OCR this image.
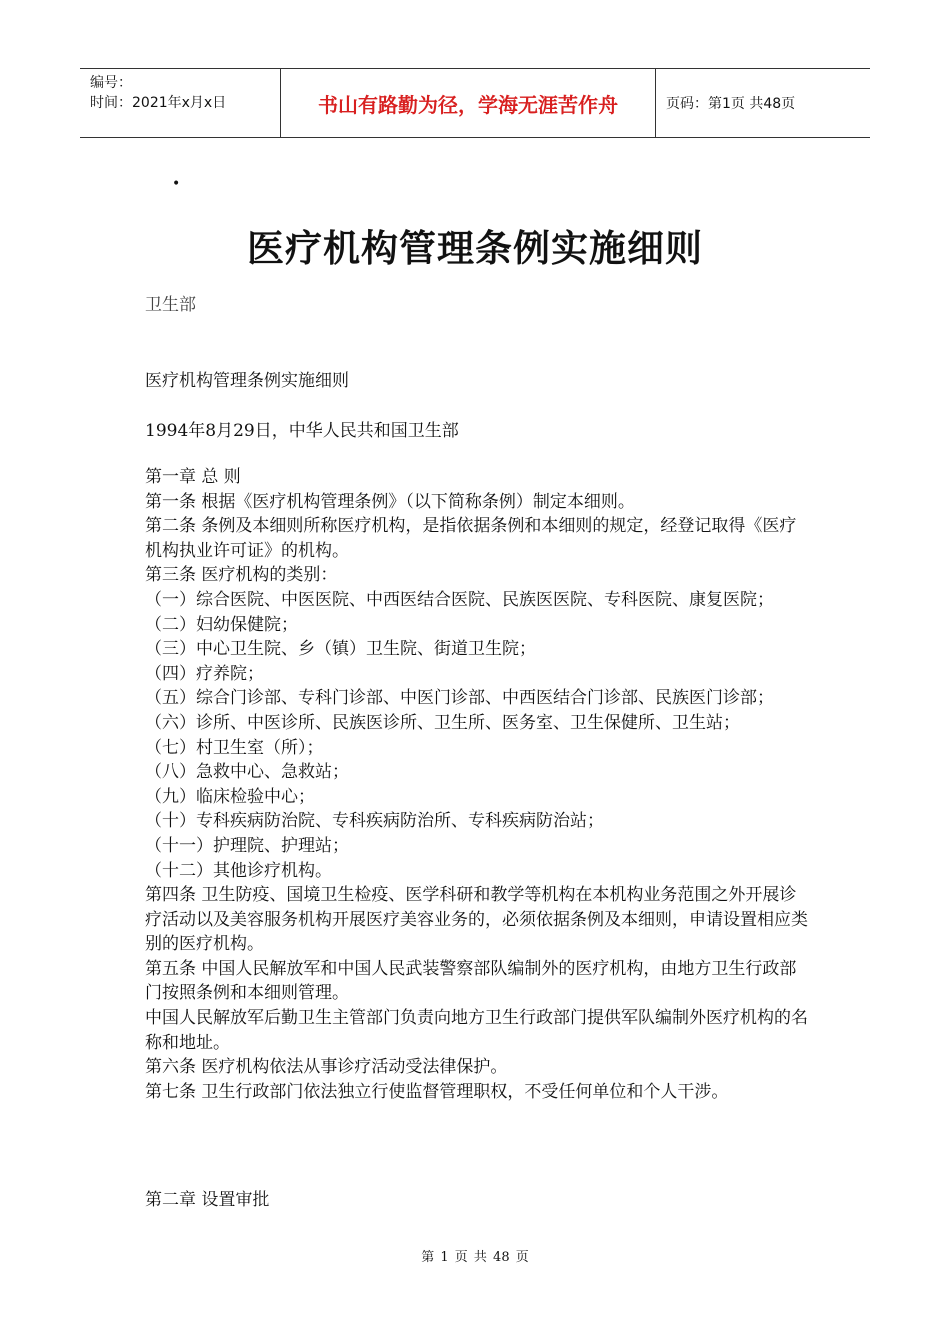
编号：
时间：2021年x月x日	书山有路勤为径，学海无涯苦作舟	页码：第1页 共48页
•
医疗机构管理条例实施细则
卫生部
医疗机构管理条例实施细则
1994年8月29日，中华人民共和国卫生部

第一章 总 则

第一条 根据《医疗机构管理条例》（以下简称条例）制定本细则。

第二条 条例及本细则所称医疗机构，是指依据条例和本细则的规定，经登记取得《医疗机构执业许可证》的机构。

第三条 医疗机构的类别：

（一）综合医院、中医医院、中西医结合医院、民族医医院、专科医院、康复医院；

（二）妇幼保健院；

（三）中心卫生院、乡（镇）卫生院、街道卫生院；

（四）疗养院；

（五）综合门诊部、专科门诊部、中医门诊部、中西医结合门诊部、民族医门诊部；

（六）诊所、中医诊所、民族医诊所、卫生所、医务室、卫生保健所、卫生站；

（七）村卫生室（所）；

（八）急救中心、急救站；

（九）临床检验中心；

（十）专科疾病防治院、专科疾病防治所、专科疾病防治站；

（十一）护理院、护理站；

（十二）其他诊疗机构。

第四条 卫生防疫、国境卫生检疫、医学科研和教学等机构在本机构业务范围之外开展诊疗活动以及美容服务机构开展医疗美容业务的，必须依据条例及本细则，申请设置相应类别的医疗机构。

第五条 中国人民解放军和中国人民武装警察部队编制外的医疗机构，由地方卫生行政部门按照条例和本细则管理。

中国人民解放军后勤卫生主管部门负责向地方卫生行政部门提供军队编制外医疗机构的名称和地址。

第六条 医疗机构依法从事诊疗活动受法律保护。

第七条 卫生行政部门依法独立行使监督管理职权，不受任何单位和个人干涉。

第二章 设置审批
第 1 页 共 48 页
